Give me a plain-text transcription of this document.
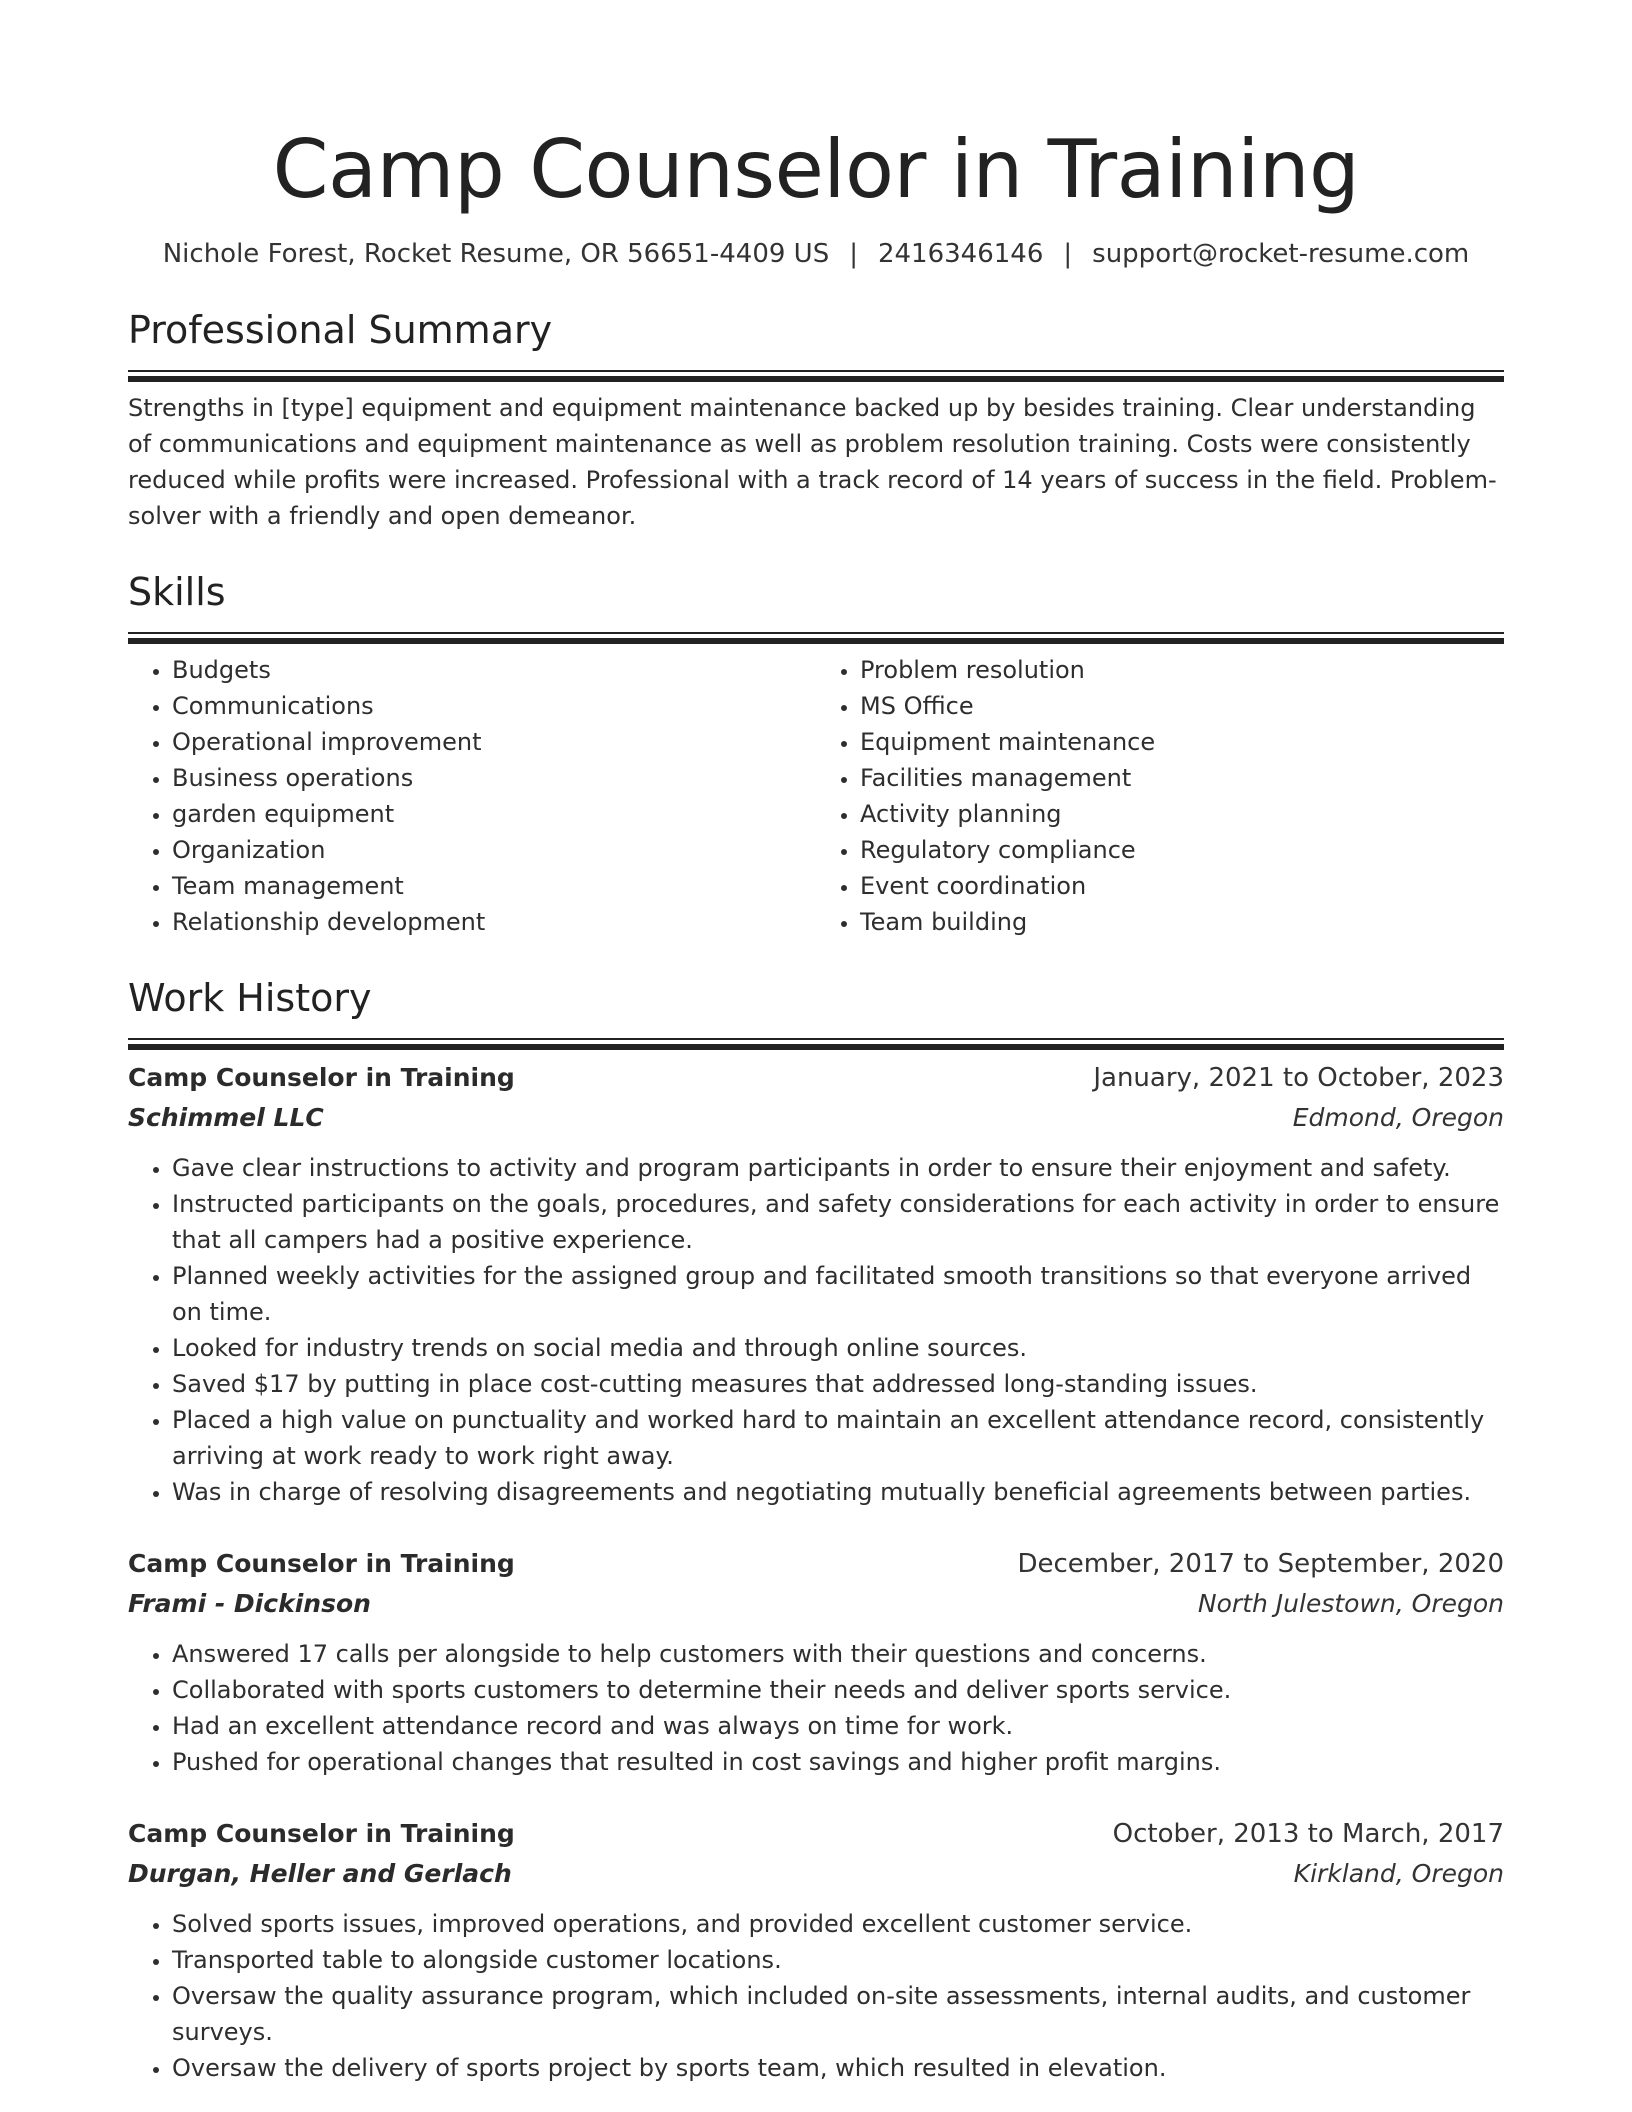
Camp Counselor in Training
Nichole Forest, Rocket Resume, OR 56651-4409 US | 2416346146 | support@rocket-resume.com
Professional Summary

Strengths in [type] equipment and equipment maintenance backed up by besides training. Clear understanding of communications and equipment maintenance as well as problem resolution training. Costs were consistently reduced while profits were increased. Professional with a track record of 14 years of success in the field. Problem-solver with a friendly and open demeanor.

Skills
• Budgets
• Communications
• Operational improvement
• Business operations
• garden equipment
• Organization
• Team management
• Relationship development
• Problem resolution
• MS Office
• Equipment maintenance
• Facilities management
• Activity planning
• Regulatory compliance
• Event coordination
• Team building
Work History
Camp Counselor in Training	January, 2021 to October, 2023
Schimmel LLC	Edmond, Oregon
• Gave clear instructions to activity and program participants in order to ensure their enjoyment and safety.
• Instructed participants on the goals, procedures, and safety considerations for each activity in order to ensure that all campers had a positive experience.
• Planned weekly activities for the assigned group and facilitated smooth transitions so that everyone arrived on time.
• Looked for industry trends on social media and through online sources.
• Saved $17 by putting in place cost-cutting measures that addressed long-standing issues.
• Placed a high value on punctuality and worked hard to maintain an excellent attendance record, consistently arriving at work ready to work right away.
• Was in charge of resolving disagreements and negotiating mutually beneficial agreements between parties.
Camp Counselor in Training	December, 2017 to September, 2020
Frami - Dickinson	North Julestown, Oregon
• Answered 17 calls per alongside to help customers with their questions and concerns.
• Collaborated with sports customers to determine their needs and deliver sports service.
• Had an excellent attendance record and was always on time for work.
• Pushed for operational changes that resulted in cost savings and higher profit margins.
Camp Counselor in Training	October, 2013 to March, 2017
Durgan, Heller and Gerlach	Kirkland, Oregon
• Solved sports issues, improved operations, and provided excellent customer service.
• Transported table to alongside customer locations.
• Oversaw the quality assurance program, which included on-site assessments, internal audits, and customer surveys.
• Oversaw the delivery of sports project by sports team, which resulted in elevation.
